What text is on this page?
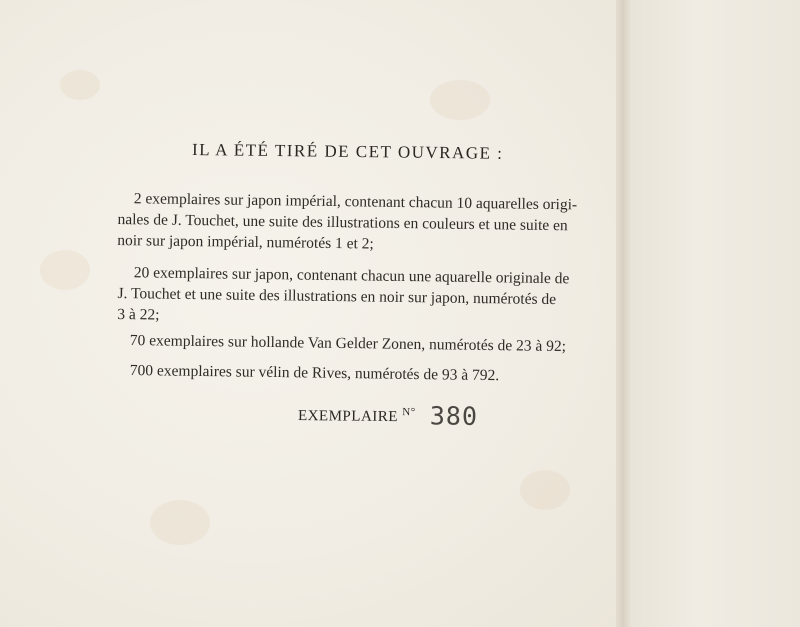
IL A ÉTÉ TIRÉ DE CET OUVRAGE :
2 exemplaires sur japon impérial, contenant chacun 10 aquarelles origi-
nales de J. Touchet, une suite des illustrations en couleurs et une suite en
noir sur japon impérial, numérotés 1 et 2;
20 exemplaires sur japon, contenant chacun une aquarelle originale de
J. Touchet et une suite des illustrations en noir sur japon, numérotés de
3 à 22;
70 exemplaires sur hollande Van Gelder Zonen, numérotés de 23 à 92;
700 exemplaires sur vélin de Rives, numérotés de 93 à 792.
EXEMPLAIRE $^{N^\circ}$ 380
